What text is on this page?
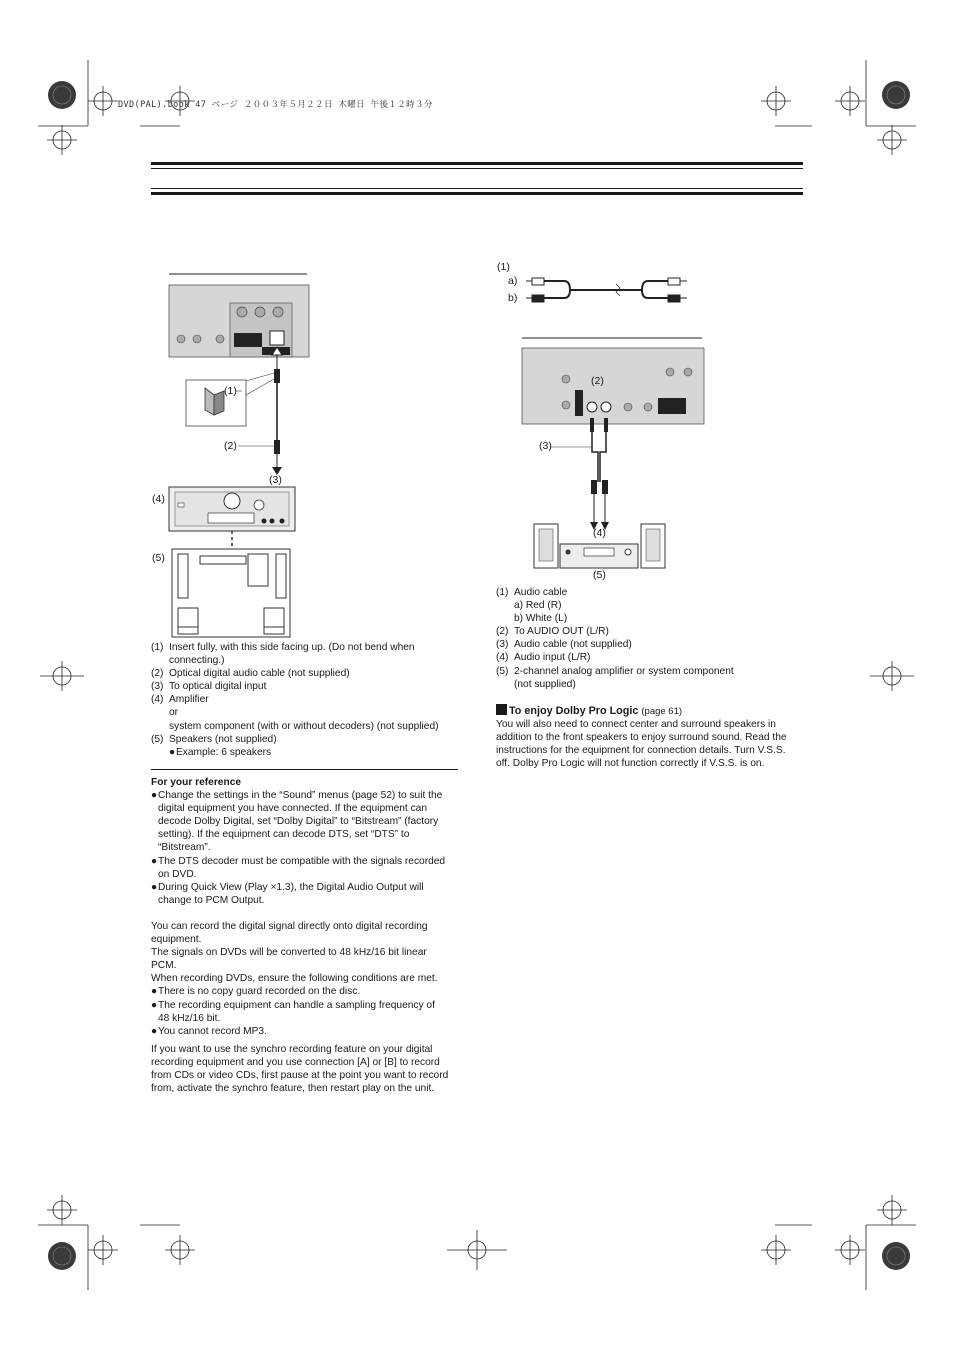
DVD(PAL).book 47 ページ ２００３年５月２２日 木曜日 午後１２時３分
(1)
(2)
(3)
(4)
(5)
(1) Insert fully, with this side facing up. (Do not bend when

connecting.)

(2) Optical digital audio cable (not supplied)
(3) To optical digital input
(4) Amplifier

or

system component (with or without decoders) (not supplied)

(5) Speakers (not supplied)
● Example: 6 speakers

For your reference

● Change the settings in the “Sound” menus (page 52) to suit the
digital equipment you have connected. If the equipment can
decode Dolby Digital, set “Dolby Digital” to “Bitstream” (factory
setting). If the equipment can decode DTS, set “DTS” to
“Bitstream”.
● The DTS decoder must be compatible with the signals recorded
on DVD.
● During Quick View (Play ×1.3), the Digital Audio Output will
change to PCM Output.

You can record the digital signal directly onto digital recording

equipment.

The signals on DVDs will be converted to 48 kHz/16 bit linear

PCM.

When recording DVDs, ensure the following conditions are met.

● There is no copy guard recorded on the disc.
● The recording equipment can handle a sampling frequency of
48 kHz/16 bit.
● You cannot record MP3.

If you want to use the synchro recording feature on your digital

recording equipment and you use connection [A] or [B] to record

from CDs or video CDs, first pause at the point you want to record

from, activate the synchro feature, then restart play on the unit.

(1)
a)
b)
(2)
(3)
(4)
(5)
(1) Audio cable

a) Red (R)

b) White (L)

(2) To AUDIO OUT (L/R)
(3) Audio cable (not supplied)
(4) Audio input (L/R)
(5) 2-channel analog amplifier or system component

(not supplied)

To enjoy Dolby Pro Logic (page 61)

You will also need to connect center and surround speakers in

addition to the front speakers to enjoy surround sound. Read the

instructions for the equipment for connection details. Turn V.S.S.

off. Dolby Pro Logic will not function correctly if V.S.S. is on.
